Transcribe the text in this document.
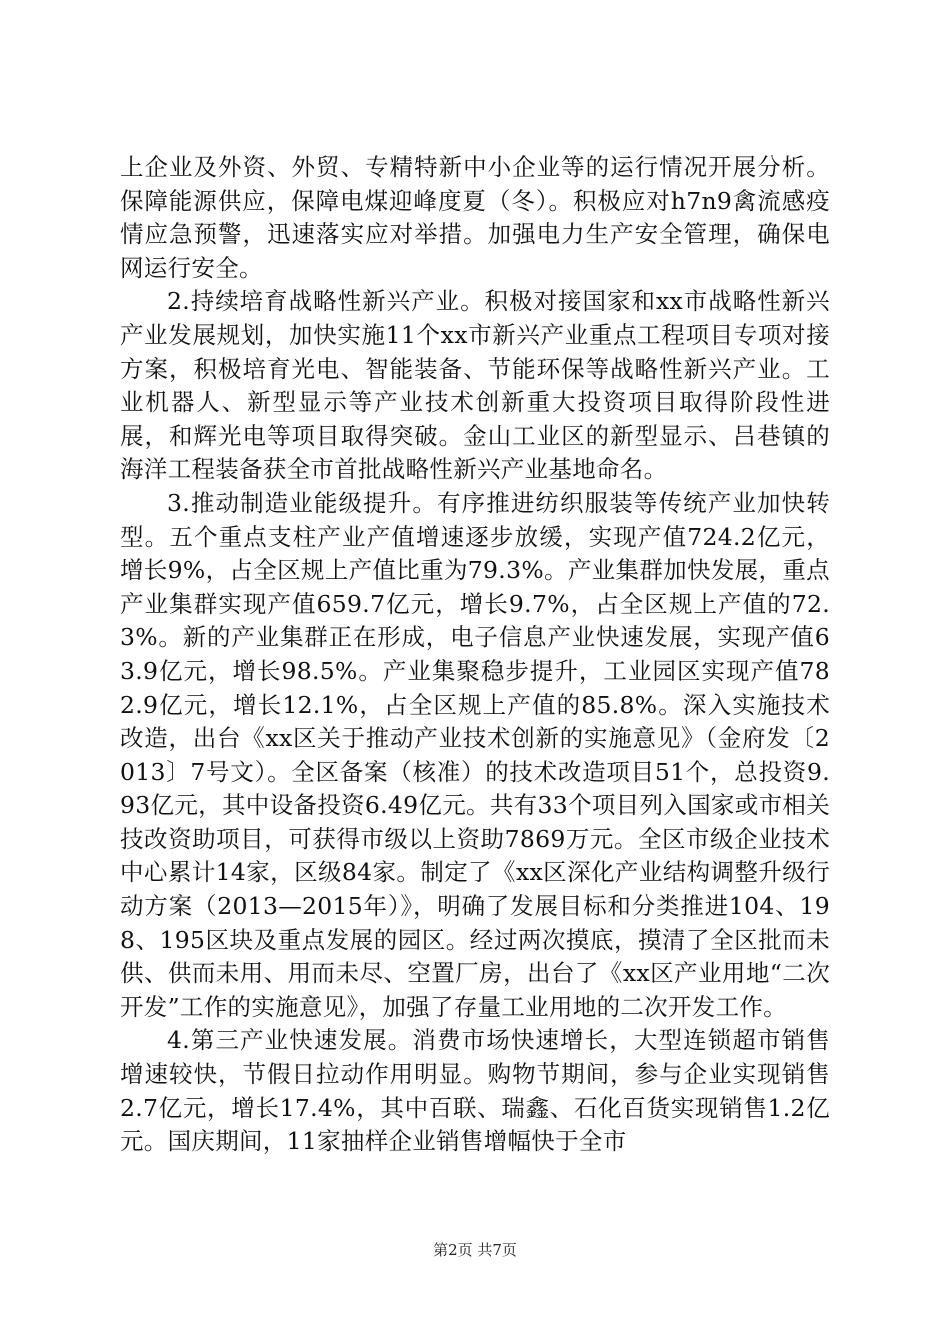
上企业及外资、外贸、专精特新中小企业等的运行情况开展分析。保障能源供应，保障电煤迎峰度夏（冬）。积极应对h7n9禽流感疫情应急预警，迅速落实应对举措。加强电力生产安全管理，确保电网运行安全。

2.持续培育战略性新兴产业。积极对接国家和xx市战略性新兴产业发展规划，加快实施11个xx市新兴产业重点工程项目专项对接方案，积极培育光电、智能装备、节能环保等战略性新兴产业。工业机器人、新型显示等产业技术创新重大投资项目取得阶段性进展，和辉光电等项目取得突破。金山工业区的新型显示、吕巷镇的海洋工程装备获全市首批战略性新兴产业基地命名。

3.推动制造业能级提升。有序推进纺织服装等传统产业加快转型。五个重点支柱产业产值增速逐步放缓，实现产值724.2亿元，增长9%，占全区规上产值比重为79.3%。产业集群加快发展，重点产业集群实现产值659.7亿元，增长9.7%，占全区规上产值的72.3%。新的产业集群正在形成，电子信息产业快速发展，实现产值63.9亿元，增长98.5%。产业集聚稳步提升，工业园区实现产值782.9亿元，增长12.1%，占全区规上产值的85.8%。深入实施技术改造，出台《xx区关于推动产业技术创新的实施意见》（金府发〔2013〕7号文）。全区备案（核准）的技术改造项目51个，总投资9.93亿元，其中设备投资6.49亿元。共有33个项目列入国家或市相关技改资助项目，可获得市级以上资助7869万元。全区市级企业技术中心累计14家，区级84家。制定了《xx区深化产业结构调整升级行动方案（2013—2015年）》，明确了发展目标和分类推进104、198、195区块及重点发展的园区。经过两次摸底，摸清了全区批而未供、供而未用、用而未尽、空置厂房，出台了《xx区产业用地“二次开发”工作的实施意见》，加强了存量工业用地的二次开发工作。

4.第三产业快速发展。消费市场快速增长，大型连锁超市销售增速较快，节假日拉动作用明显。购物节期间，参与企业实现销售2.7亿元，增长17.4%，其中百联、瑞鑫、石化百货实现销售1.2亿元。国庆期间，11家抽样企业销售增幅快于全市

第2页 共7页
